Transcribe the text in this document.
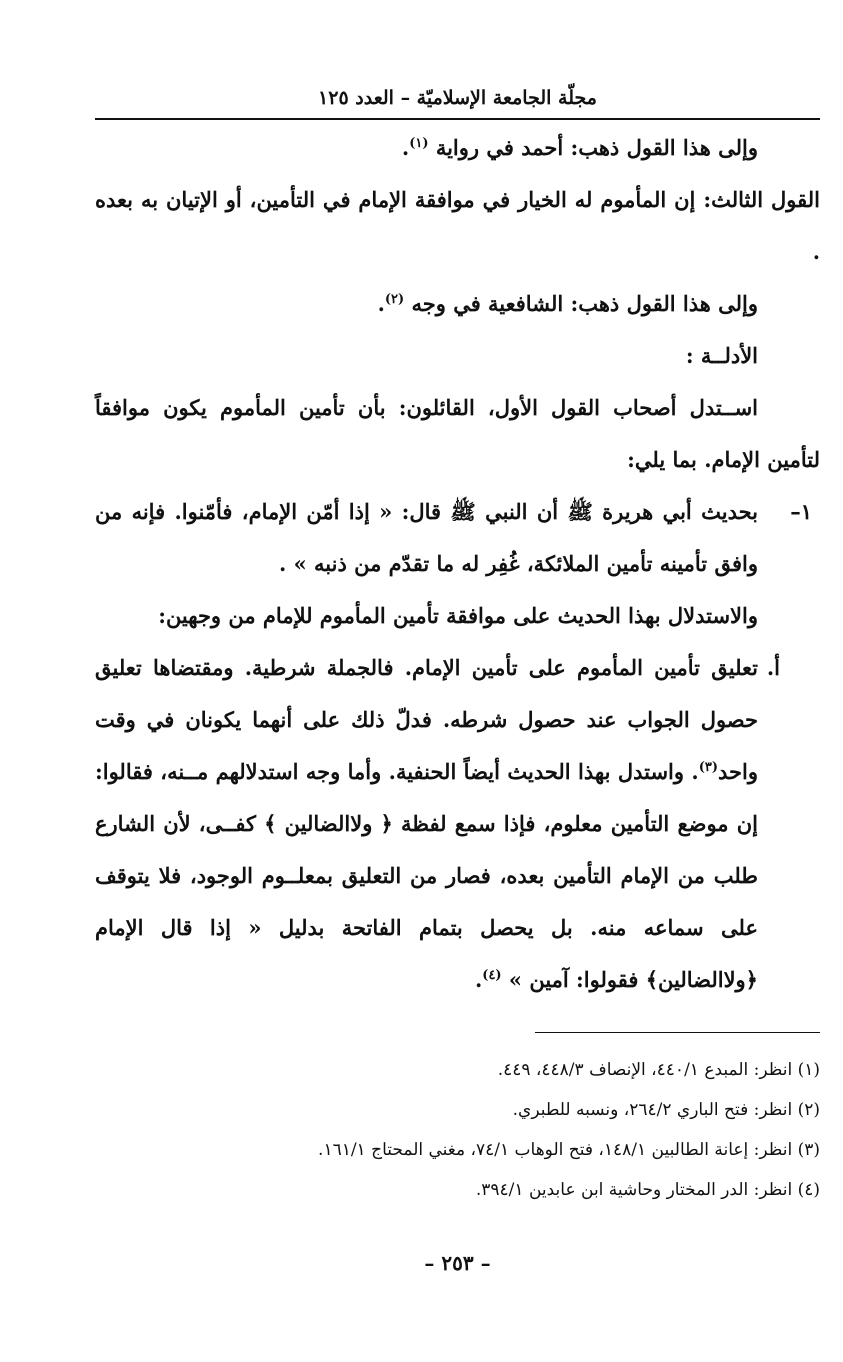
مجلّة الجامعة الإسلاميّة – العدد ١٢٥

وإلى هذا القول ذهب: أحمد في رواية $^{(١)}$.

القول الثالث: إن المأموم له الخيار في موافقة الإمام في التأمين، أو الإتيان به بعده .

وإلى هذا القول ذهب: الشافعية في وجه $^{(٢)}$.

الأدلــة :

اســتدل أصحاب القول الأول، القائلون: بأن تأمين المأموم يكون موافقاً لتأمين الإمام. بما يلي:

١–
بحديث أبي هريرة ﷺ أن النبي ﷺ قال: « إذا أمّن الإمام، فأمّنوا. فإنه من وافق تأمينه تأمين الملائكة، غُفِر له ما تقدّم من ذنبه » .

والاستدلال بهذا الحديث على موافقة تأمين المأموم للإمام من وجهين:

أ.
تعليق تأمين المأموم على تأمين الإمام. فالجملة شرطية. ومقتضاها تعليق حصول الجواب عند حصول شرطه. فدلّ ذلك على أنهما يكونان في وقت واحد$^{(٣)}$. واستدل بهذا الحديث أيضاً الحنفية. وأما وجه استدلالهم مــنه، فقالوا: إن موضع التأمين معلوم، فإذا سمع لفظة ﴿ ولاالضالين ﴾ كفــى، لأن الشارع طلب من الإمام التأمين بعده، فصار من التعليق بمعلــوم الوجود، فلا يتوقف على سماعه منه. بل يحصل بتمام الفاتحة بدليل « إذا قال الإمام ﴿ولاالضالين﴾ فقولوا: آمين » $^{(٤)}$.

(١) انظر: المبدع ٤٤٠/١، الإنصاف ٤٤٨/٣، ٤٤٩.

(٢) انظر: فتح الباري ٢٦٤/٢، ونسبه للطبري.

(٣) انظر: إعانة الطالبين ١٤٨/١، فتح الوهاب ٧٤/١، مغني المحتاج ١٦١/١.

(٤) انظر: الدر المختار وحاشية ابن عابدين ٣٩٤/١.

– ٢٥٣ –
